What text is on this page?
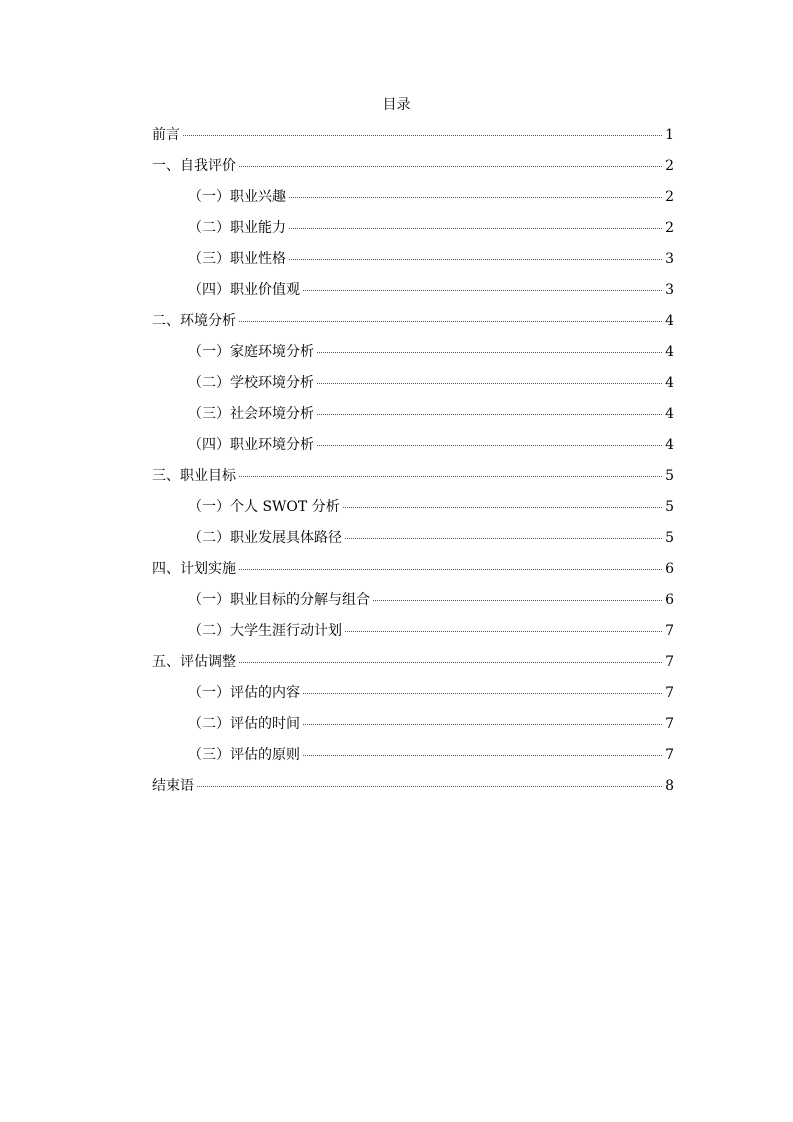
目录
前言	1
一、自我评价	2
（一）职业兴趣	2
（二）职业能力	2
（三）职业性格	3
（四）职业价值观	3
二、环境分析	4
（一）家庭环境分析	4
（二）学校环境分析	4
（三）社会环境分析	4
（四）职业环境分析	4
三、职业目标	5
（一）个人 SWOT 分析	5
（二）职业发展具体路径	5
四、计划实施	6
（一）职业目标的分解与组合	6
（二）大学生涯行动计划	7
五、评估调整	7
（一）评估的内容	7
（二）评估的时间	7
（三）评估的原则	7
结束语	8
